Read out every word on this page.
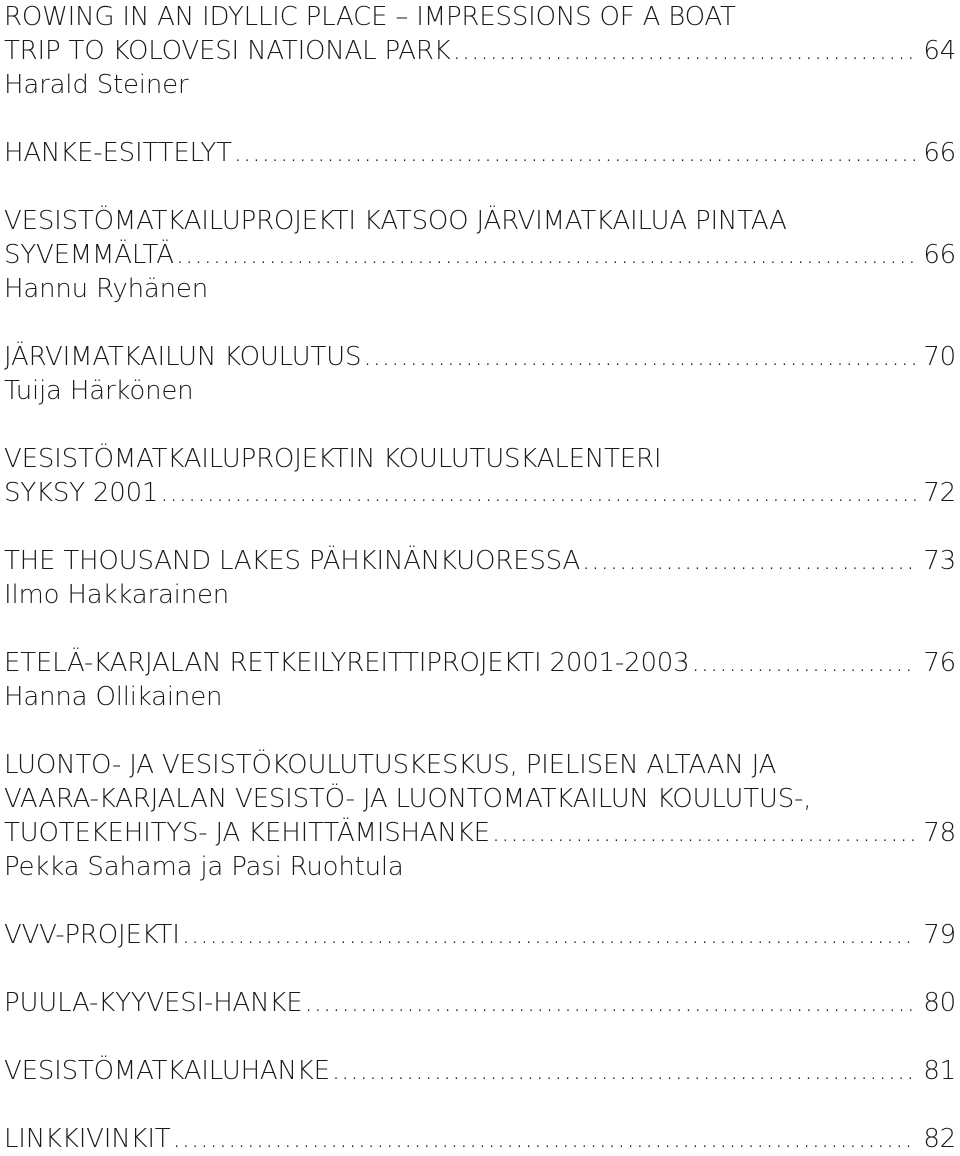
ROWING IN AN IDYLLIC PLACE – IMPRESSIONS OF A BOAT
TRIP TO KOLOVESI NATIONAL PARK .....	64
Harald Steiner
HANKE-ESITTELYT .....	66
VESISTÖMATKAILUPROJEKTI KATSOO JÄRVIMATKAILUA PINTAA
SYVEMMÄLTÄ .....	66
Hannu Ryhänen
JÄRVIMATKAILUN KOULUTUS .....	70
Tuija Härkönen
VESISTÖMATKAILUPROJEKTIN KOULUTUSKALENTERI
SYKSY 2001 .....	72
THE THOUSAND LAKES PÄHKINÄNKUORESSA .....	73
Ilmo Hakkarainen
ETELÄ-KARJALAN RETKEILYREITTIPROJEKTI 2001-2003 .....	76
Hanna Ollikainen
LUONTO- JA VESISTÖKOULUTUSKESKUS, PIELISEN ALTAAN JA
VAARA-KARJALAN VESISTÖ- JA LUONTOMATKAILUN KOULUTUS-,
TUOTEKEHITYS- JA KEHITTÄMISHANKE .....	78
Pekka Sahama ja Pasi Ruohtula
VVV-PROJEKTI .....	79
PUULA-KYYVESI-HANKE .....	80
VESISTÖMATKAILUHANKE .....	81
LINKKIVINKIT .....	82
